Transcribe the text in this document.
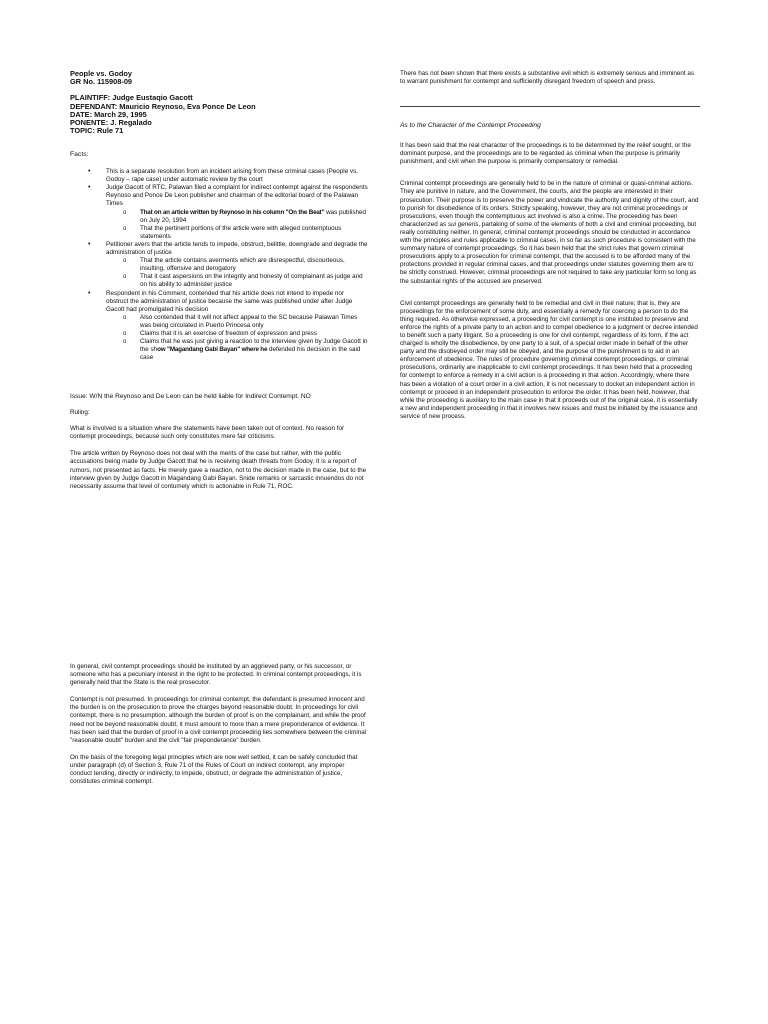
People vs. Godoy

GR No. 115908-09

PLAINTIFF: Judge Eustaqio Gacott

DEFENDANT: Mauricio Reynoso, Eva Ponce De Leon

DATE: March 29, 1995

PONENTE: J. Regalado

TOPIC: Rule 71

Facts:

• This is a separate resolution from an incident arising from these criminal cases (People vs. Godoy – rape case) under automatic review by the court
• Judge Gacott of RTC, Palawan filed a complaint for indirect contempt against the respondents Reynoso and Ponce De Leon publisher and chairman of the editorial board of the Palawan Times
o That on an article written by Reynoso in his column "On the Beat" was published on July 20, 1994
o That the pertinent portions of the article were with alleged contemptuous statements
• Petitioner avers that the article tends to impede, obstruct, belittle, downgrade and degrade the administration of justice
o That the article contains averments which are disrespectful, discourteous, insulting, offensive and derogatory
o That it cast aspersions on the integrity and honesty of complainant as judge and on his ability to administer justice
• Respondent in his Comment, contended that his article does not intend to impede nor obstruct the administration of justice because the same was published under after Judge Gacott had promulgated his decision
o Also contended that it will not affect appeal to the SC because Palawan Times was being circulated in Puerto Princesa only
o Claims that it is an exercise of freedom of expression and press
o Claims that he was just giving a reaction to the interview given by Judge Gacott in the show "Magandang Gabi Bayan" where he defended his decision in the said case

Issue: W/N the Reynoso and De Leon can be held liable for Indirect Contempt. NO

Ruling:

What is involved is a situation where the statements have been taken out of context. No reason for contempt proceedings, because such only constitutes mere fair criticisms.

The article written by Reynoso does not deal with the merits of the case but rather, with the public accusations being made by Judge Gacott that he is receiving death threats from Godoy. It is a report of rumors, not presented as facts. He merely gave a reaction, not to the decision made in the case, but to the interview given by Judge Gacott in Magandang Gabi Bayan. Snide remarks or sarcastic innuendos do not necessarily assume that level of contumely which is actionable in Rule 71, ROC.

In general, civil contempt proceedings should be instituted by an aggrieved party, or his successor, or someone who has a pecuniary interest in the right to be protected. In criminal contempt proceedings, it is generally held that the State is the real prosecutor.

Contempt is not presumed. In proceedings for criminal contempt, the defendant is presumed innocent and the burden is on the prosecution to prove the charges beyond reasonable doubt. In proceedings for civil contempt, there is no presumption, although the burden of proof is on the complainant, and while the proof need not be beyond reasonable doubt, it must amount to more than a mere preponderance of evidence. It has been said that the burden of proof in a civil contempt proceeding lies somewhere between the criminal "reasonable doubt" burden and the civil "fair preponderance" burden.

On the basis of the foregoing legal principles which are now well settled, it can be safely concluded that under paragraph (d) of Section 3, Rule 71 of the Rules of Court on indirect contempt, any improper conduct tending, directly or indirectly, to impede, obstruct, or degrade the administration of justice, constitutes criminal contempt.

There has not been shown that there exists a substantive evil which is extremely serious and imminent as to warrant punishment for contempt and sufficiently disregard freedom of speech and press.

As to the Character of the Contempt Proceeding

It has been said that the real character of the proceedings is to be determined by the relief sought, or the dominant purpose, and the proceedings are to be regarded as criminal when the purpose is primarily punishment, and civil when the purpose is primarily compensatory or remedial.

Criminal contempt proceedings are generally held to be in the nature of criminal or quasi-criminal actions. They are punitive in nature, and the Government, the courts, and the people are interested in their prosecution. Their purpose is to preserve the power and vindicate the authority and dignity of the court, and to punish for disobedience of its orders. Strictly speaking, however, they are not criminal proceedings or prosecutions, even though the contemptuous act involved is also a crime. The proceeding has been characterized as sui generis, partaking of some of the elements of both a civil and criminal proceeding, but really constituting neither. In general, criminal contempt proceedings should be conducted in accordance with the principles and rules applicable to criminal cases, in so far as such procedure is consistent with the summary nature of contempt proceedings. So it has been held that the strict rules that govern criminal prosecutions apply to a prosecution for criminal contempt, that the accused is to be afforded many of the protections provided in regular criminal cases, and that proceedings under statutes governing them are to be strictly construed. However, criminal proceedings are not required to take any particular form so long as the substantial rights of the accused are preserved.

Civil contempt proceedings are generally held to be remedial and civil in their nature; that is, they are proceedings for the enforcement of some duty, and essentially a remedy for coercing a person to do the thing required. As otherwise expressed, a proceeding for civil contempt is one instituted to preserve and enforce the rights of a private party to an action and to compel obedience to a judgment or decree intended to benefit such a party litigant. So a proceeding is one for civil contempt, regardless of its form, if the act charged is wholly the disobedience, by one party to a suit, of a special order made in behalf of the other party and the disobeyed order may still be obeyed, and the purpose of the punishment is to aid in an enforcement of obedience. The rules of procedure governing criminal contempt proceedings, or criminal prosecutions, ordinarily are inapplicable to civil contempt proceedings. It has been held that a proceeding for contempt to enforce a remedy in a civil action is a proceeding in that action. Accordingly, where there has been a violation of a court order in a civil action, it is not necessary to docket an independent action in contempt or proceed in an independent prosecution to enforce the order. It has been held, however, that while the proceeding is auxiliary to the main case in that it proceeds out of the original case, it is essentially a new and independent proceeding in that it involves new issues and must be initiated by the issuance and service of new process.
